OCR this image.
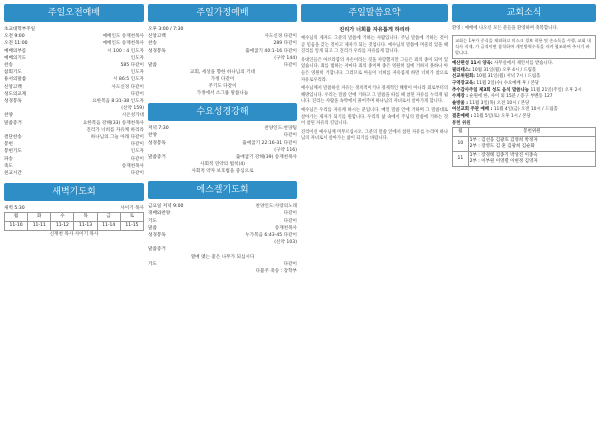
주일오전예배
초교대학부주일
오전 9:00	예배인도 송재천목사
오전 11:00	예배인도 송재천목사
예배의부름	시 100 : 4 인도자
예배의기도	인도자
찬송	585 다같이
참회기도	인도자
용서의말씀	시 86:5 인도자
신앙고백	사도신경 다같이
성도의교제	다같이
성경봉독	요한복음 8:31-38 인도자
(신약 159)
찬양	시온성가대
말씀증거	요한복음 강해(33) 송재천목사
진리가 너희를 자유케 하리라
결단찬송	하나님의 그늘 아래 다같이
봉헌	다같이
봉헌기도	인도자
파송	다같이
축도	송재천목사
친교시간	다같이
새벽기도회
새벽 5:30	사이기 목사
월	화	수	목	금	토
11-10	11-11	11-12	11-13	11-14	11-15
신재천 목사 사이기 목사
주일가정예배
오후 3:00 / 7:30
신앙고백	사도신경 다같이
찬송	289 다같이
성경봉독	출애굽기 40:1-16 다같이
(구약 144)
말씀	다같이
교회, 세상을 향한 하나님의 기대
가정 다같이
주기도 다같이
가정에서 소그룹 말씀나눔
수요성경강해
저녁 7:30	찬양인도:찬양팀
찬양	다같이
성경봉독	출애굽기 22:16-31 다같이
(구약 116)
말씀증거	출애굽기 강해(39) 송재천목사
사회적 연약의 법칙(4)
사회적 약자 보호법을 중심으로
에스겔기도회
금요일 저녁 9:00	찬양인도:사랑의노래
경배와찬양	다같이
기도	다같이
말씀	송재천목사
성경봉독	누가복음 6:43-45 다같이
(신약 103)
말씀증거
열매 맺는 좋은 나무가 되십시다
기도	다같이
다불주 축송 : 장학부
주일말씀요약
진리가 너희를 자유롭게 하리라

예수님의 제자도 그분의 말씀에 거하는 사람입니다. 주님 말씀에 거하는 것이 곧 믿음을 갖는 것이고 제자가 되는 것입니다. 예수님의 말씀에 머물러 있을 때 진리를 알게 되고 그 진리가 우리를 자유롭게 합니다.

유대인들은 아브라함의 자손이라는 것을 자랑했지만 그들은 죄의 종이 되어 있었습니다. 죄를 범하는 자마다 죄의 종이며 종은 영원히 집에 거하지 못하나 아들은 영원히 거합니다. 그러므로 아들이 너희를 자유롭게 하면 너희가 참으로 자유로우리라.

예수님께서 말씀하신 자유는 정치적이거나 경제적인 해방이 아니라 죄로부터의 해방입니다. 우리는 말씀 안에 거하고 그 말씀을 따를 때 참된 자유를 누리게 됩니다. 진리는 사람을 속박에서 풀어주며 하나님의 자녀로서 살아가게 합니다.

예수님은 우리를 자유케 하시는 분입니다. 매일 말씀 안에 거하며 그 말씀대로 살아가는 제자가 되기를 원합니다. 우리의 삶 속에서 주님의 말씀에 거하는 것이 참된 자유의 길입니다.

진리이신 예수님께 머무르십시오. 그분의 말씀 안에서 참된 자유를 누리며 하나님의 자녀로서 살아가는 삶이 되기를 바랍니다.

교회소식
환영 : 예배에 나오신 모든 분들을 환영하며 축복합니다.
교회는 1부가 중식을 제외하고 미스크 경보 착용 및 손소독을 시행, 교회 내 식사 지제, 가 급적이면 참석하여 개인방역수칙을 지켜 협조하여 주시기 바랍니다.
예산편성 11시 양육: 사무실에서 제안서를 받습니다.
필라테스: 10월 31일(월) 오후 4시 / 드림홀
선교위원회: 10월 31일(월) 저녁 7시 / 드림홀
구역장교육: 11월 2일(수) 수요예배 후 / 본당
추수감사주일 제3회 성도 음식 말씀나눔 11월 21일(주일) 오후 2시
수계장 : 순원에 한, 사이 외 15분 / 증구 부벤동 127
솔방울 : 11월 3일(목) 오전 10시 / 본당
여선교회 주관 예배 : 11월 4일(금) 오전 10시 / 드림홀
결혼예배 : 11월 5일(토) 오후 1시 / 본당
봉헌 위원
월	봉헌위원
10	1부 : 김선웅 김광호 김영희 박정자
2부 : 장영도 김 훈 김광희 김순화

11	1부 : 장경태 김종기 박상진 이종숙
2부 : 이부원 이영렬 이현정 김영자
